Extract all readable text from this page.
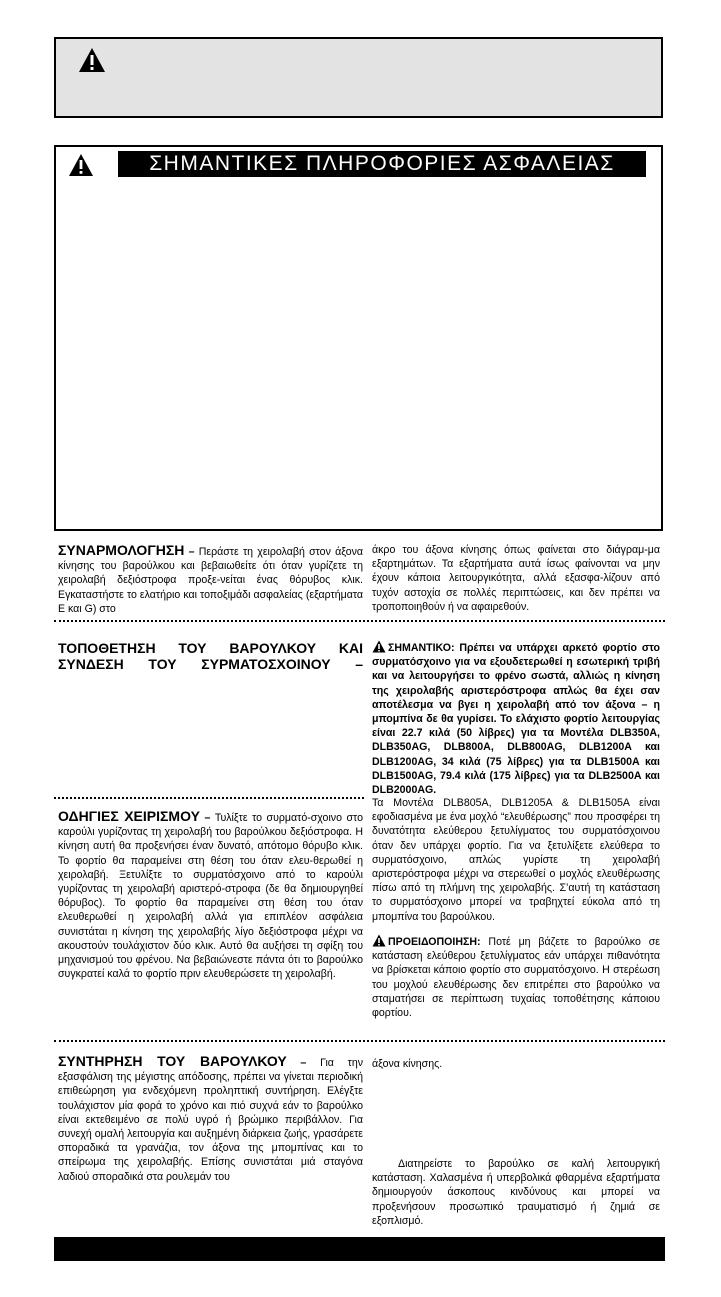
ΣΗΜΑΝΤΙΚΕΣ ΠΛΗΡΟΦΟΡΙΕΣ ΑΣΦΑΛΕΙΑΣ

ΣΥΝΑΡΜΟΛΟΓΗΣΗ – Περάστε τη χειρολαβή στον άξονα κίνησης του βαρούλκου και βεβαιωθείτε ότι όταν γυρίζετε τη χειρολαβή δεξιόστροφα προξε-νείται ένας θόρυβος κλικ. Εγκαταστήστε το ελατήριο και τοποξιμάδι ασφαλείας (εξαρτήματα E και G) στο

άκρο του άξονα κίνησης όπως φαίνεται στο διάγραμ-μα εξαρτημάτων. Τα εξαρτήματα αυτά ίσως φαίνονται να μην έχουν κάποια λειτουργικότητα, αλλά εξασφα-λίζουν από τυχόν αστοχία σε πολλές περιπτώσεις, και δεν πρέπει να τροποποιηθούν ή να αφαιρεθούν.

ΤΟΠΟΘΕΤΗΣΗ ΤΟΥ ΒΑΡΟΥΛΚΟΥ ΚΑΙ
ΣΥΝΔΕΣΗ ΤΟΥ ΣΥΡΜΑΤΟΣΧΟΙΝΟΥ –

ΟΔΗΓΙΕΣ ΧΕΙΡΙΣΜΟΥ – Τυλίξτε το συρματό-σχοινο στο καρούλι γυρίζοντας τη χειρολαβή του βαρούλκου δεξιόστροφα. Η κίνηση αυτή θα προξενήσει έναν δυνατό, απότομο θόρυβο κλικ. Το φορτίο θα παραμείνει στη θέση του όταν ελευ-θερωθεί η χειρολαβή. Ξετυλίξτε το συρματόσχοινο από το καρούλι γυρίζοντας τη χειρολαβή αριστερό-στροφα (δε θα δημιουργηθεί θόρυβος). Το φορτίο θα παραμείνει στη θέση του όταν ελευθερωθεί η χειρολαβή αλλά για επιπλέον ασφάλεια συνιστάται η κίνηση της χειρολαβής λίγο δεξιόστροφα μέχρι να ακουστούν τουλάχιστον δύο κλικ. Αυτό θα αυξήσει τη σφίξη του μηχανισμού του φρένου. Να βεβαιώνεστε πάντα ότι το βαρούλκο συγκρατεί καλά το φορτίο πριν ελευθερώσετε τη χειρολαβή.

ΣΗΜΑΝΤΙΚΟ: Πρέπει να υπάρχει αρκετό φορτίο στο συρματόσχοινο για να εξουδετερωθεί η εσωτερική τριβή και να λειτουργήσει το φρένο σωστά, αλλιώς η κίνηση της χειρολαβής αριστερόστροφα απλώς θα έχει σαν αποτέλεσμα να βγει η χειρολαβή από τον άξονα – η μπομπίνα δε θα γυρίσει. Το ελάχιστο φορτίο λειτουργίας είναι 22.7 κιλά (50 λίβρες) για τα Μοντέλα DLB350A, DLB350AG, DLB800A, DLB800AG, DLB1200A και DLB1200AG, 34 κιλά (75 λίβρες) για τα DLB1500A και DLB1500AG, 79.4 κιλά (175 λίβρες) για τα DLB2500A και DLB2000AG.

Τα Μοντέλα DLB805A, DLB1205A & DLB1505A είναι εφοδιασμένα με ένα μοχλό “ελευθέρωσης” που προσφέρει τη δυνατότητα ελεύθερου ξετυλίγματος του συρματόσχοινου όταν δεν υπάρχει φορτίο. Για να ξετυλίξετε ελεύθερα το συρματόσχοινο, απλώς γυρίστε τη χειρολαβή αριστερόστροφα μέχρι να στερεωθεί ο μοχλός ελευθέρωσης πίσω από τη πλήμνη της χειρολαβής. Σ’αυτή τη κατάσταση το συρματόσχοινο μπορεί να τραβηχτεί εύκολα από τη μπομπίνα του βαρούλκου.

ΠΡΟΕΙΔΟΠΟΙΗΣΗ: Ποτέ μη βάζετε το βαρούλκο σε κατάσταση ελεύθερου ξετυλίγματος εάν υπάρχει πιθανότητα να βρίσκεται κάποιο φορτίο στο συρματόσχοινο. Η στερέωση του μοχλού ελευθέρωσης δεν επιτρέπει στο βαρούλκο να σταματήσει σε περίπτωση τυχαίας τοποθέτησης κάποιου φορτίου.

ΣΥΝΤΗΡΗΣΗ ΤΟΥ ΒΑΡΟΥΛΚΟΥ – Για την εξασφάλιση της μέγιστης απόδοσης, πρέπει να γίνεται περιοδική επιθεώρηση για ενδεχόμενη προληπτική συντήρηση. Ελέγξτε τουλάχιστον μία φορά το χρόνο και πιό συχνά εάν το βαρούλκο είναι εκτεθειμένο σε πολύ υγρό ή βρώμικο περιβάλλον. Για συνεχή ομαλή λειτουργία και αυξημένη διάρκεια ζωής, γρασάρετε σποραδικά τα γρανάζια, τον άξονα της μπομπίνας και το σπείρωμα της χειρολαβής. Επίσης συνιστάται μιά σταγόνα λαδιού σποραδικά στα ρουλεμάν του

άξονα κίνησης.

Διατηρείστε το βαρούλκο σε καλή λειτουργική κατάσταση. Χαλασμένα ή υπερβολικά φθαρμένα εξαρτήματα δημιουργούν άσκοπους κινδύνους και μπορεί να προξενήσουν προσωπικό τραυματισμό ή ζημιά σε εξοπλισμό.
